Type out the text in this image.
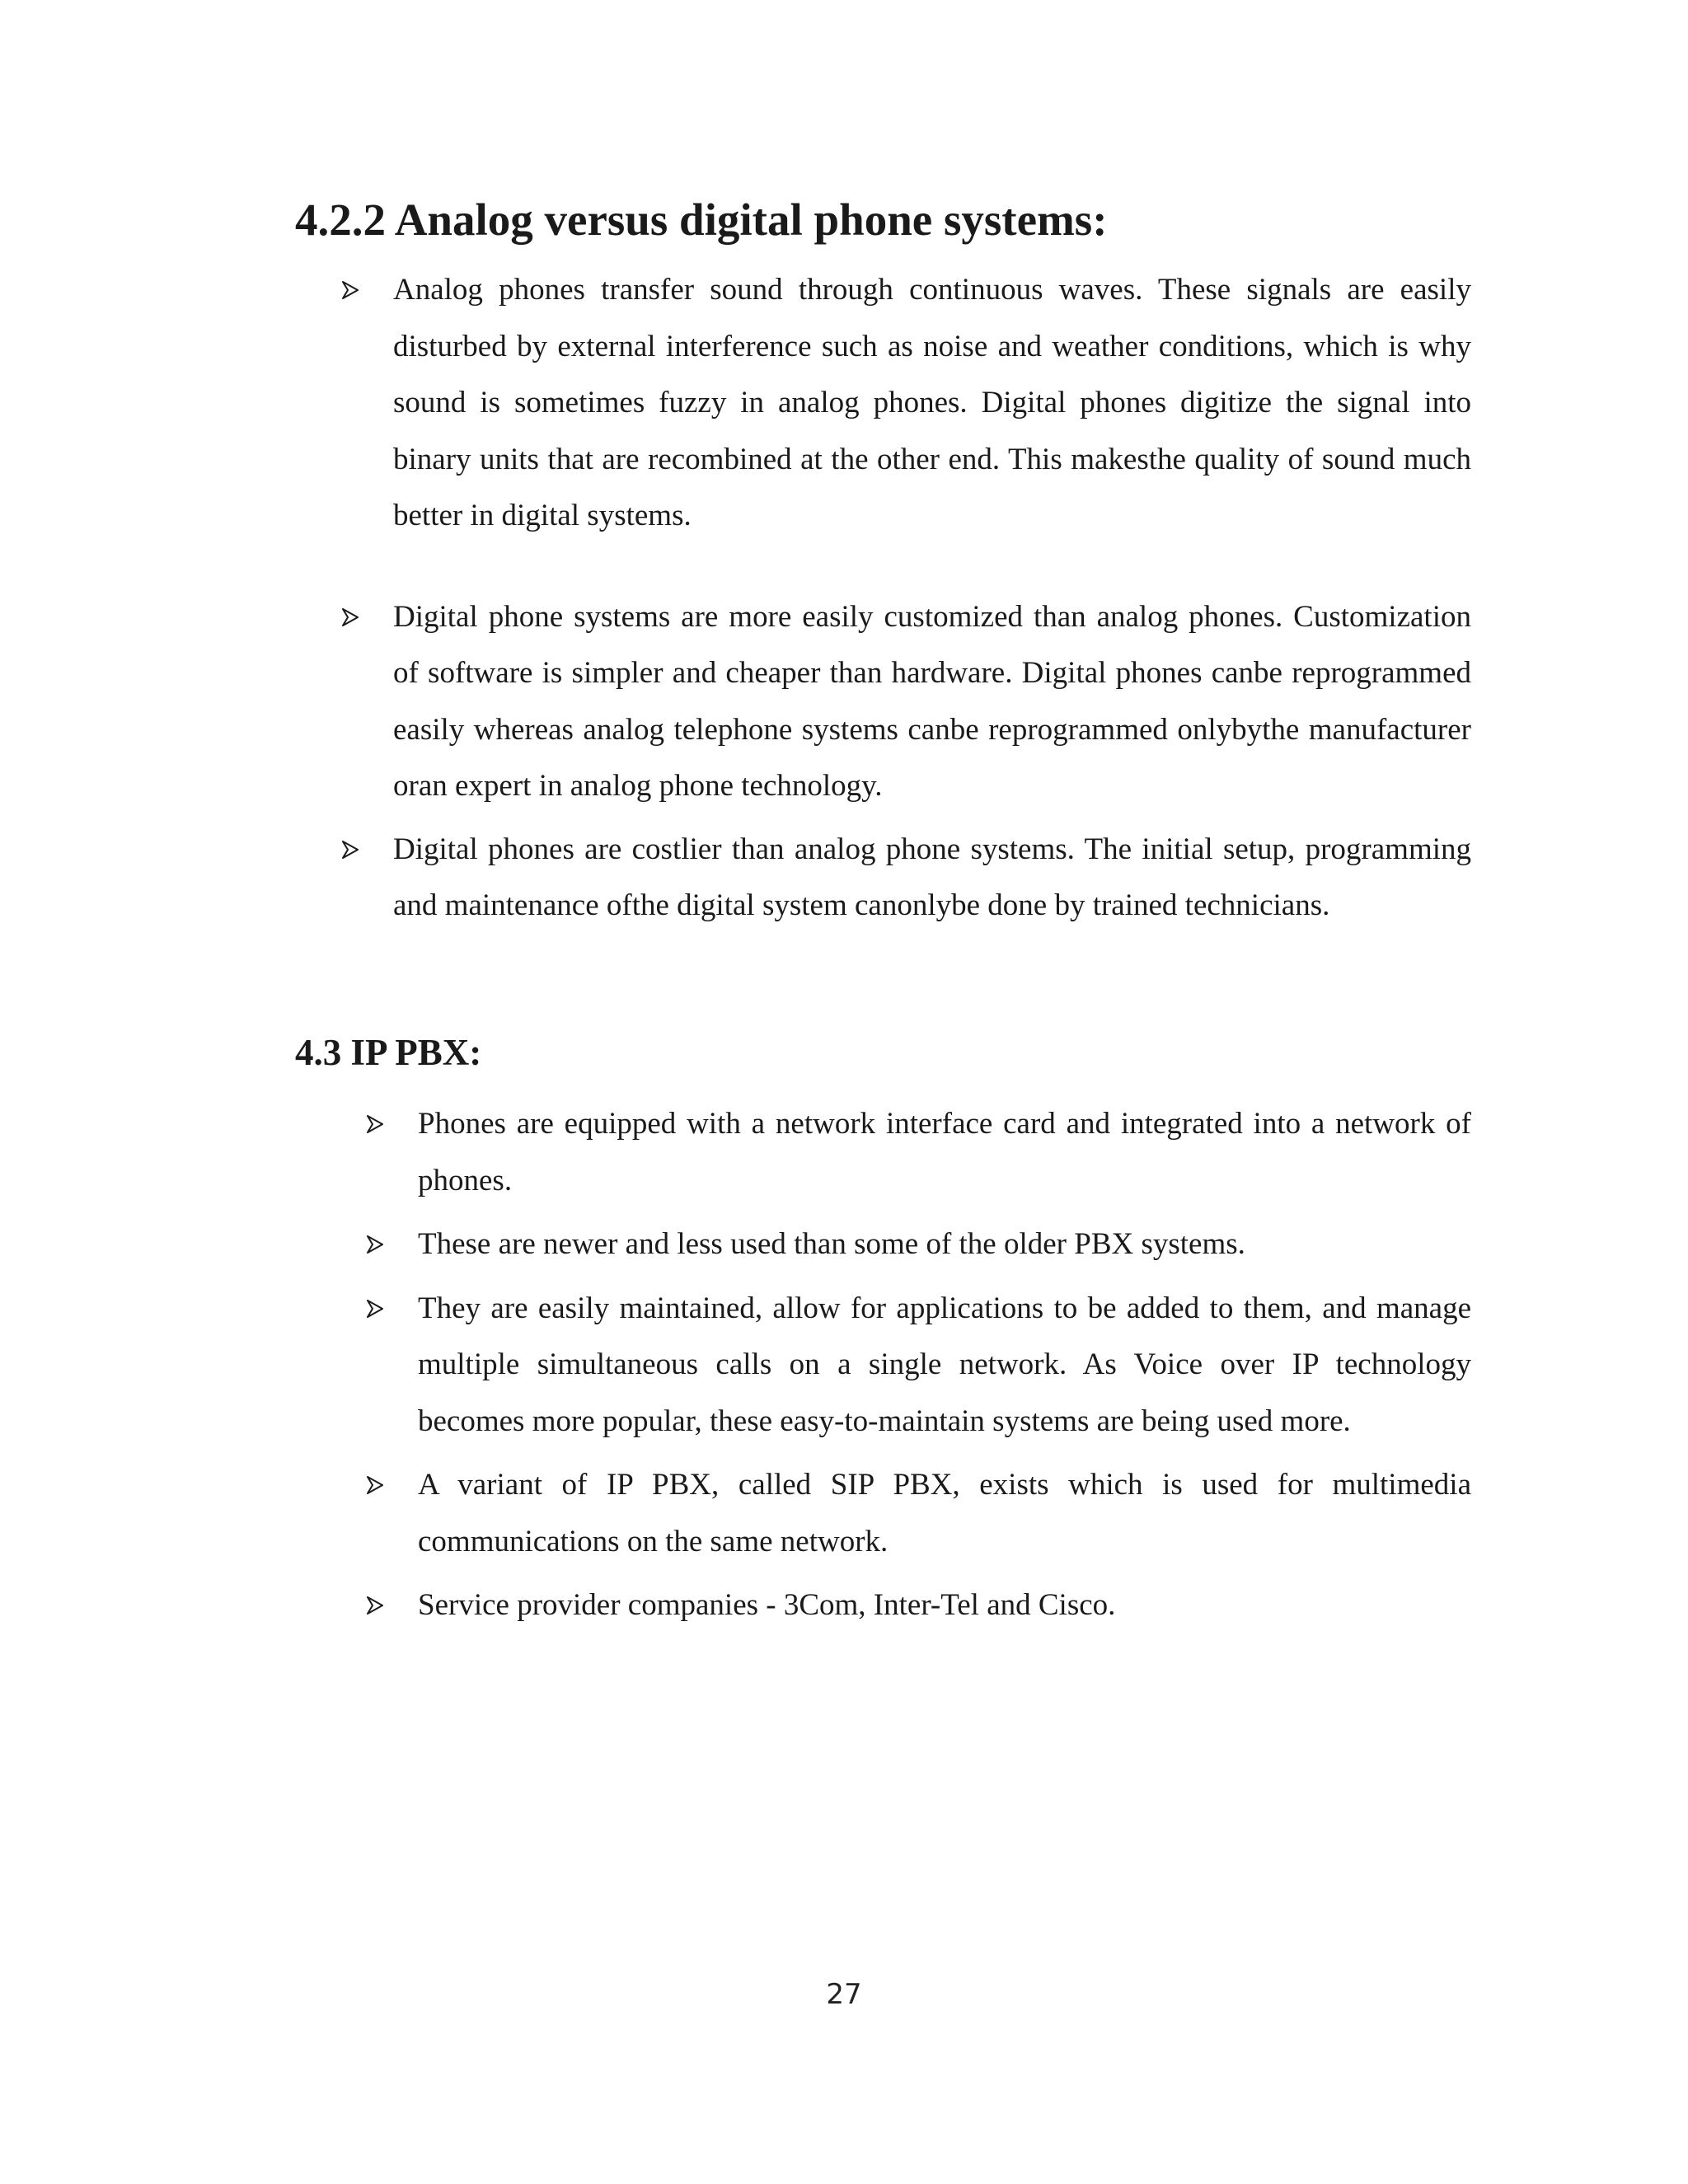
4.2.2 Analog versus digital phone systems:
Analog phones transfer sound through continuous waves. These signals are easily disturbed by external interference such as noise and weather conditions, which is why sound is sometimes fuzzy in analog phones. Digital phones digitize the signal into binary units that are recombined at the other end. This makesthe quality of sound much better in digital systems.
Digital phone systems are more easily customized than analog phones. Customization of software is simpler and cheaper than hardware. Digital phones canbe reprogrammed easily whereas analog telephone systems canbe reprogrammed onlybythe manufacturer oran expert in analog phone technology.
Digital phones are costlier than analog phone systems. The initial setup, programming and maintenance ofthe digital system canonlybe done by trained technicians.
4.3 IP PBX:
Phones are equipped with a network interface card and integrated into a network of phones.
These are newer and less used than some of the older PBX systems.
They are easily maintained, allow for applications to be added to them, and manage multiple simultaneous calls on a single network. As Voice over IP technology becomes more popular, these easy-to-maintain systems are being used more.
A variant of IP PBX, called SIP PBX, exists which is used for multimedia communications on the same network.
Service provider companies - 3Com, Inter-Tel and Cisco.
27
